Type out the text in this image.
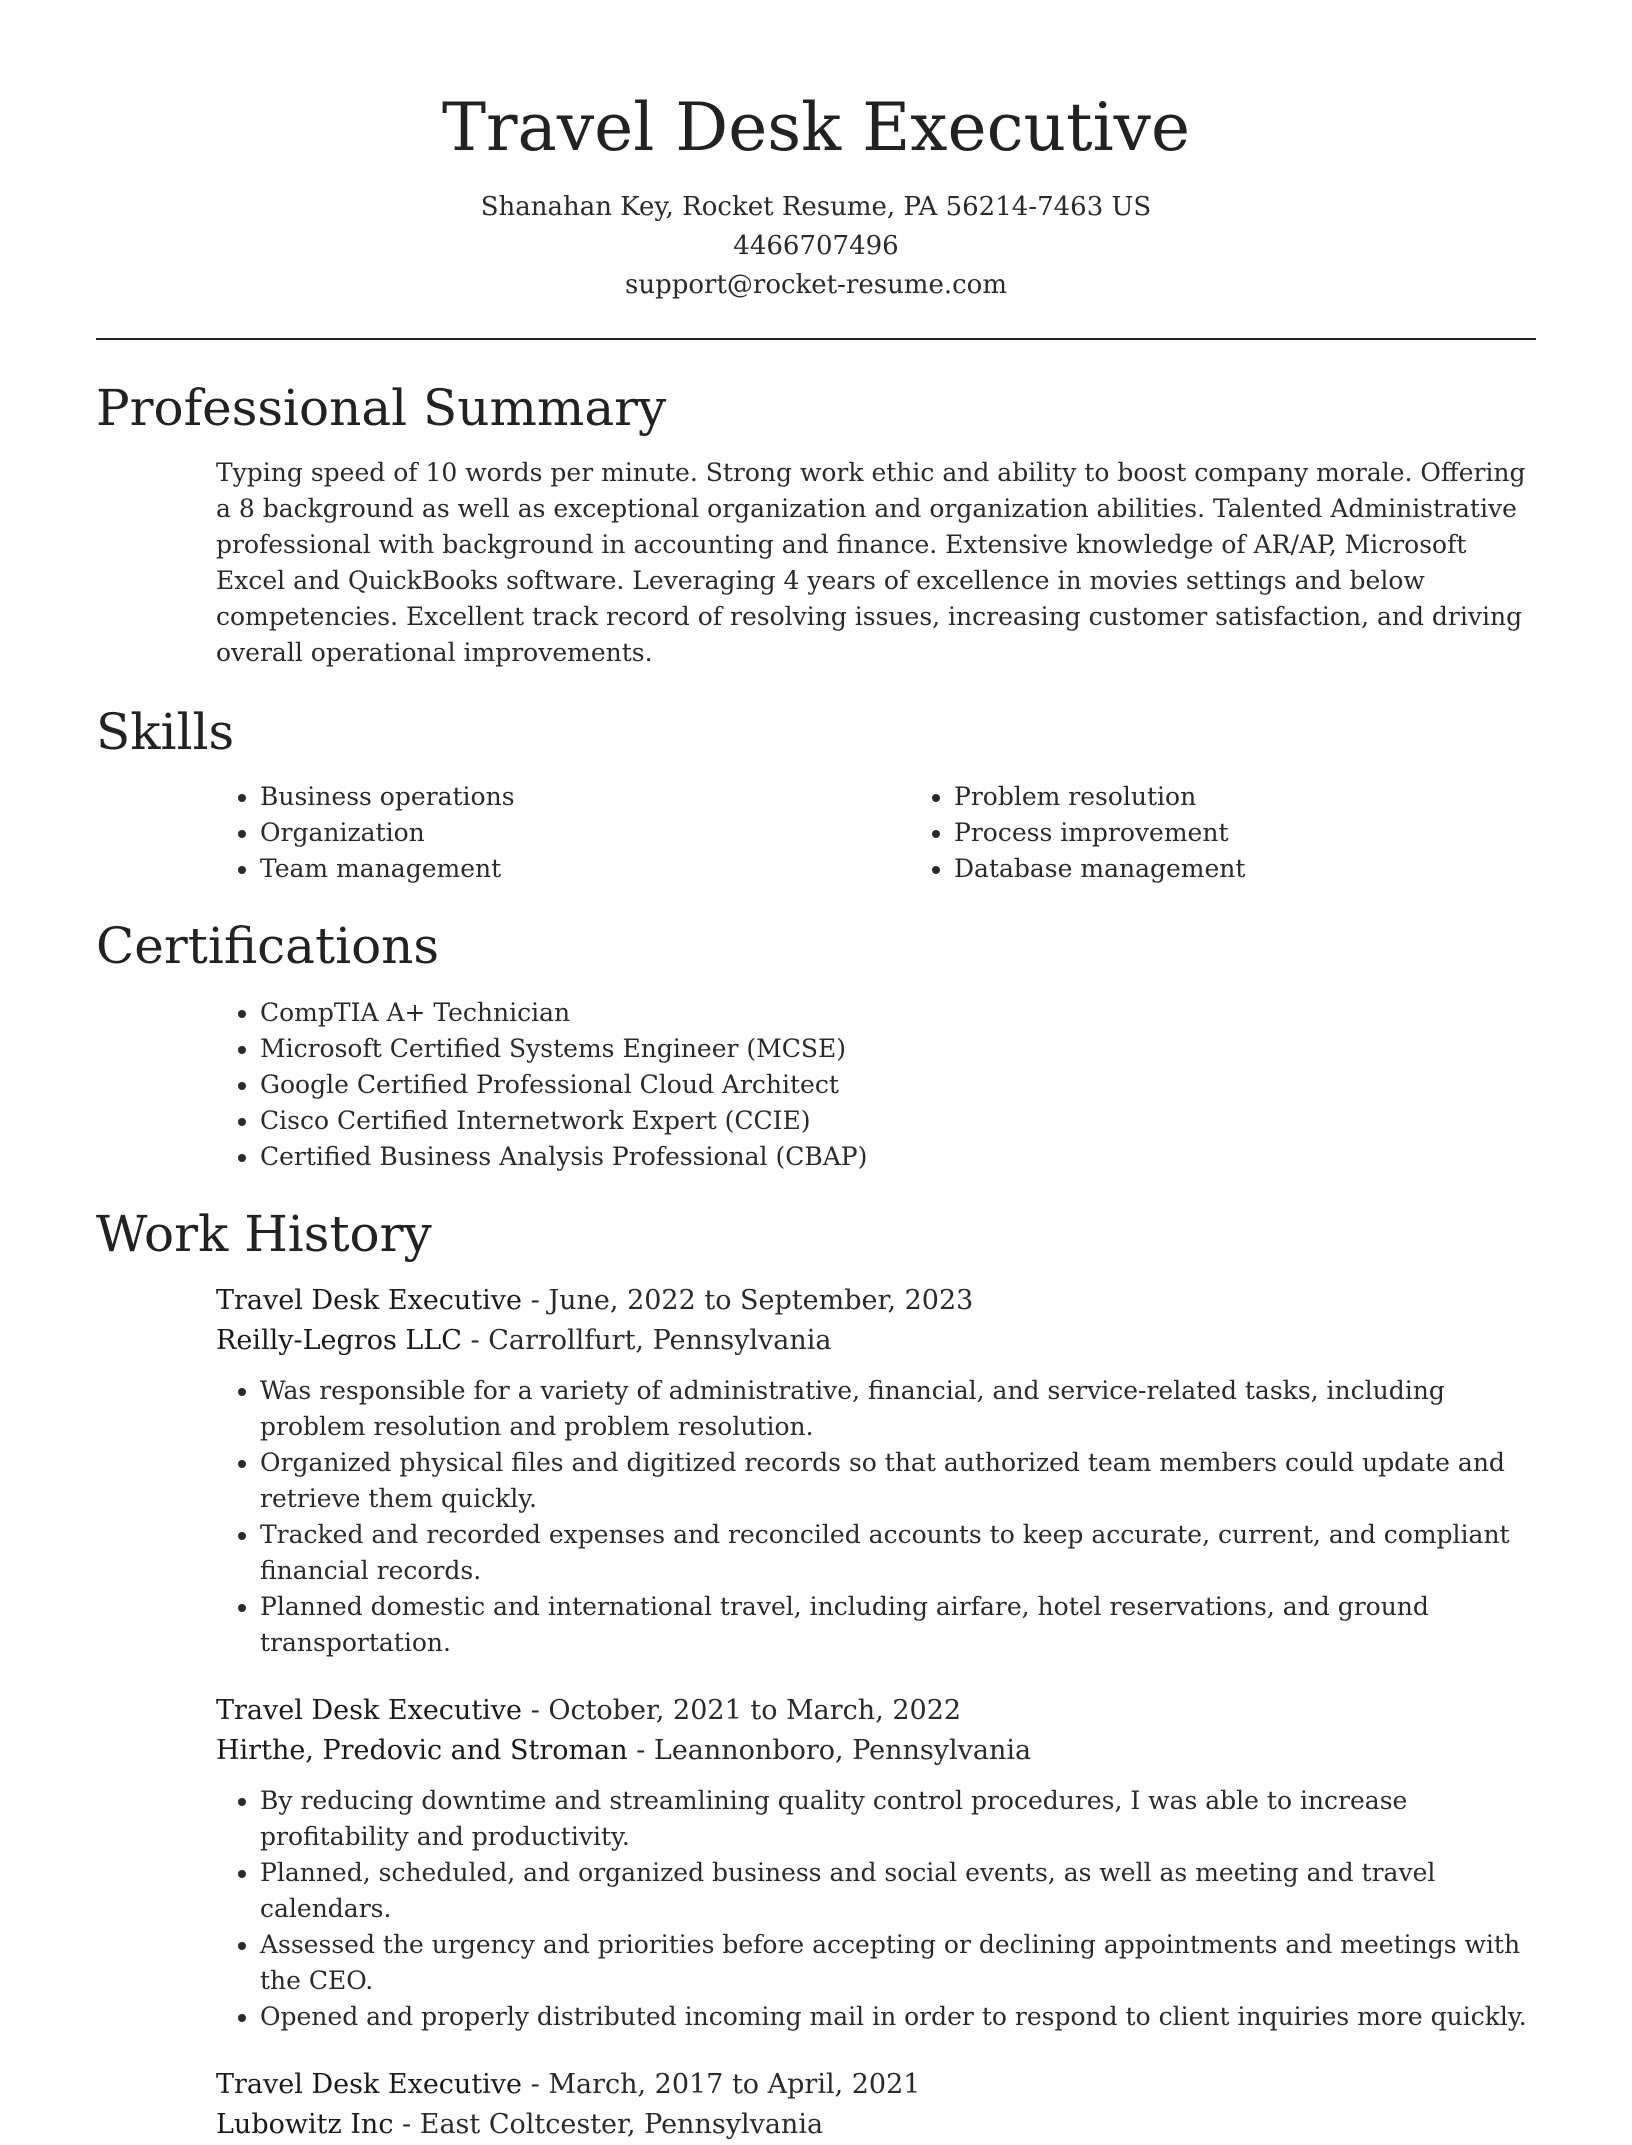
Travel Desk Executive
Shanahan Key, Rocket Resume, PA 56214-7463 US
4466707496
support@rocket-resume.com
Professional Summary

Typing speed of 10 words per minute. Strong work ethic and ability to boost company morale. Offering a 8 background as well as exceptional organization and organization abilities. Talented Administrative professional with background in accounting and finance. Extensive knowledge of AR/AP, Microsoft Excel and QuickBooks software. Leveraging 4 years of excellence in movies settings and below competencies. Excellent track record of resolving issues, increasing customer satisfaction, and driving overall operational improvements.

Skills
• Business operations
• Organization
• Team management
• Problem resolution
• Process improvement
• Database management
Certifications
• CompTIA A+ Technician
• Microsoft Certified Systems Engineer (MCSE)
• Google Certified Professional Cloud Architect
• Cisco Certified Internetwork Expert (CCIE)
• Certified Business Analysis Professional (CBAP)
Work History
Travel Desk Executive - June, 2022 to September, 2023
Reilly-Legros LLC - Carrollfurt, Pennsylvania
• Was responsible for a variety of administrative, financial, and service-related tasks, including problem resolution and problem resolution.
• Organized physical files and digitized records so that authorized team members could update and retrieve them quickly.
• Tracked and recorded expenses and reconciled accounts to keep accurate, current, and compliant financial records.
• Planned domestic and international travel, including airfare, hotel reservations, and ground transportation.
Travel Desk Executive - October, 2021 to March, 2022
Hirthe, Predovic and Stroman - Leannonboro, Pennsylvania
• By reducing downtime and streamlining quality control procedures, I was able to increase profitability and productivity.
• Planned, scheduled, and organized business and social events, as well as meeting and travel calendars.
• Assessed the urgency and priorities before accepting or declining appointments and meetings with the CEO.
• Opened and properly distributed incoming mail in order to respond to client inquiries more quickly.
Travel Desk Executive - March, 2017 to April, 2021
Lubowitz Inc - East Coltcester, Pennsylvania
